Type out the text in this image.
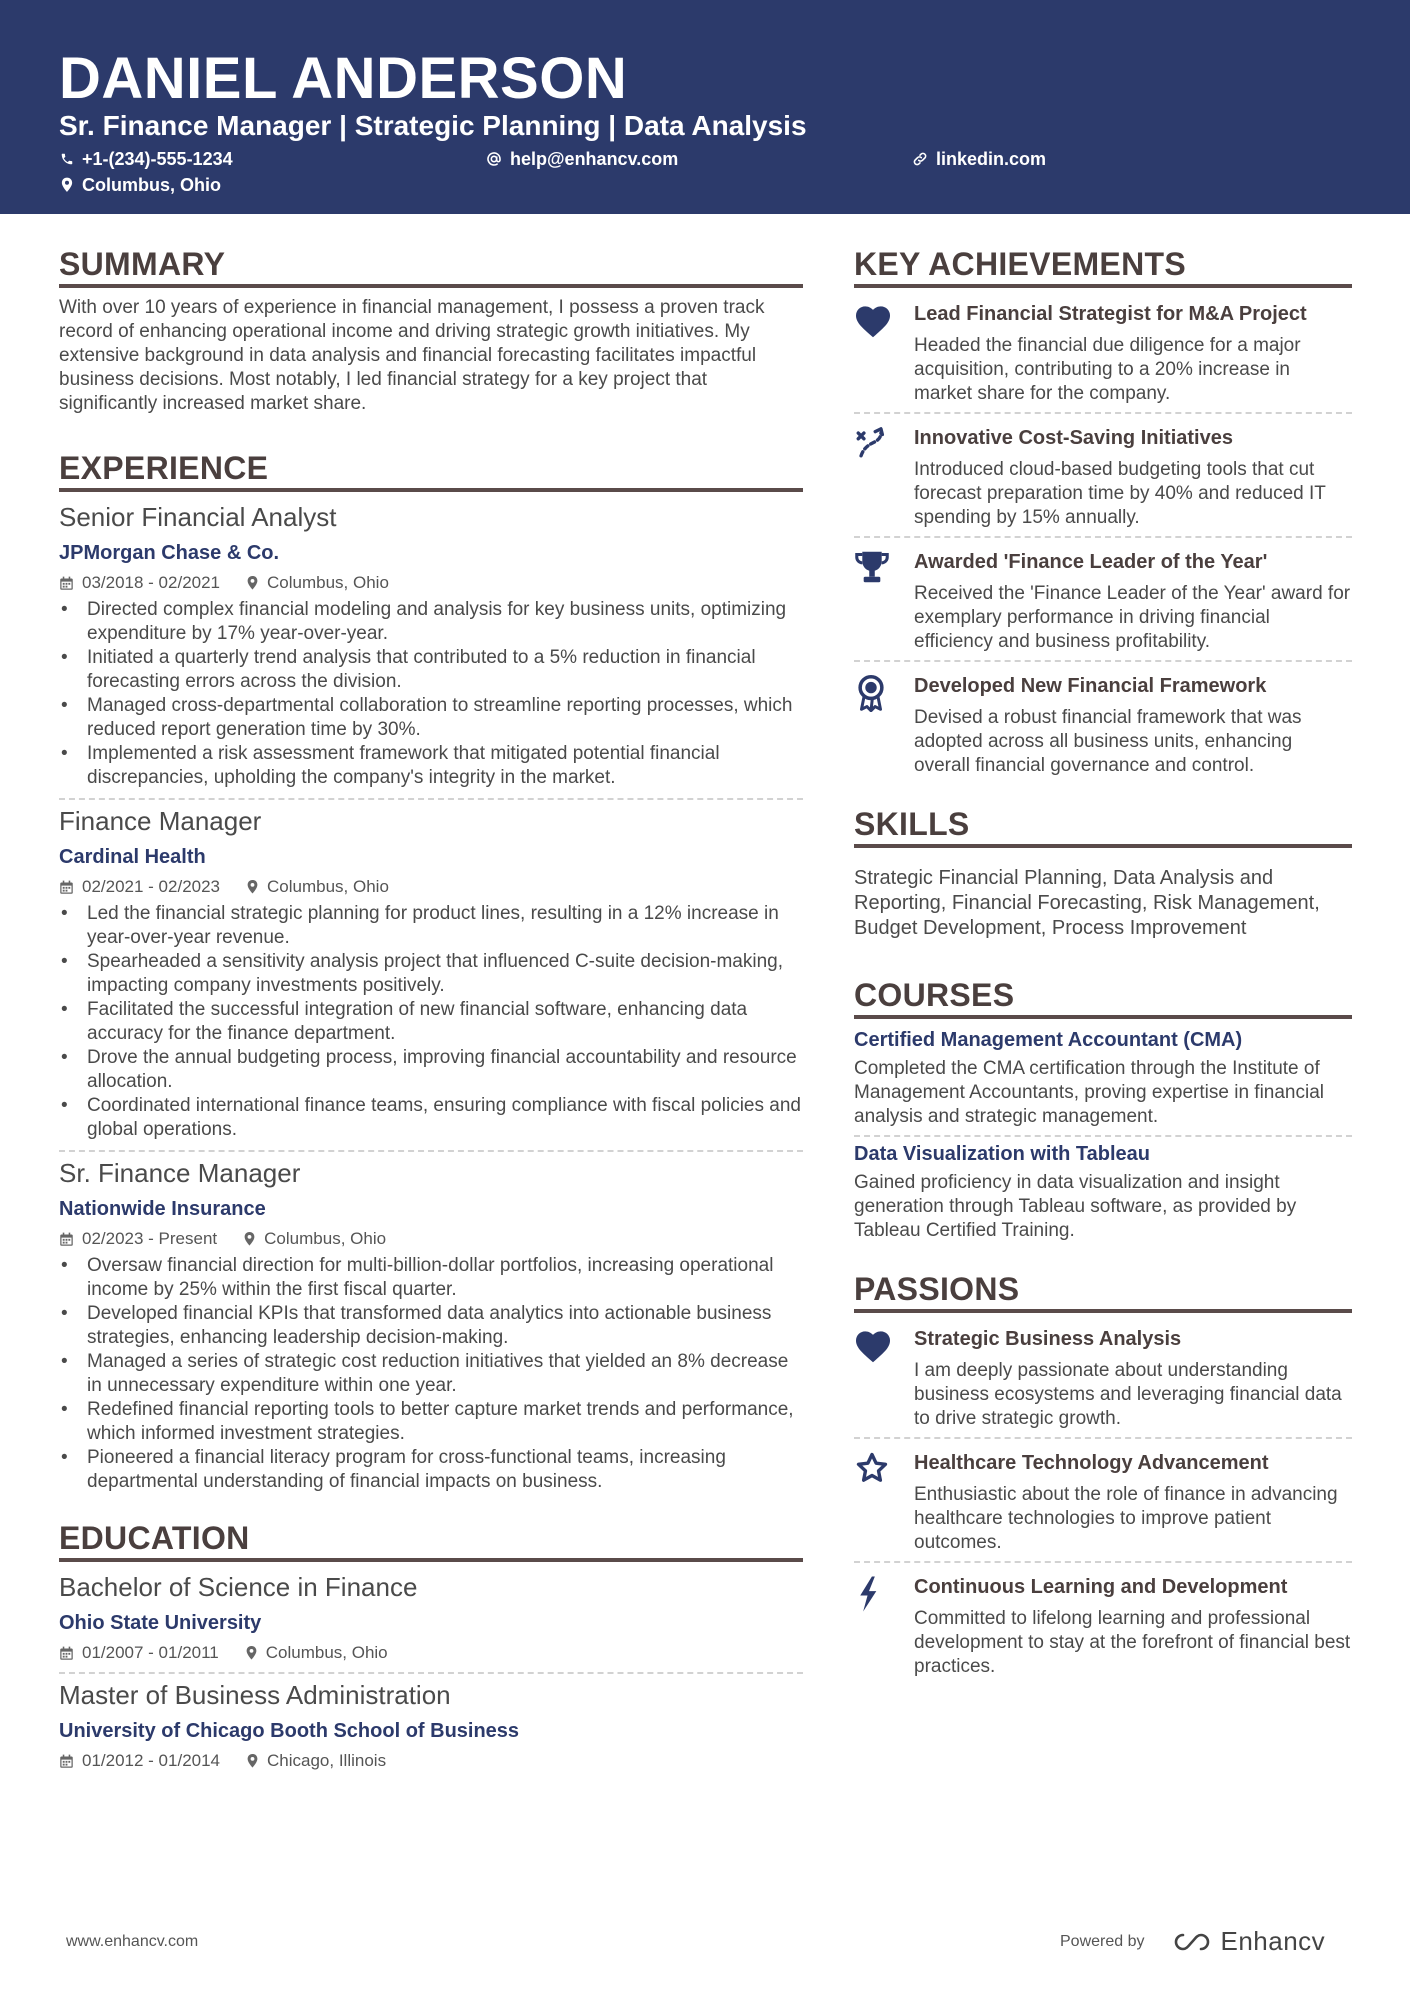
DANIEL ANDERSON
Sr. Finance Manager | Strategic Planning | Data Analysis
+1-(234)-555-1234	help@enhancv.com	linkedin.com
Columbus, Ohio
SUMMARY
With over 10 years of experience in financial management, I possess a proven track record of enhancing operational income and driving strategic growth initiatives. My extensive background in data analysis and financial forecasting facilitates impactful business decisions. Most notably, I led financial strategy for a key project that significantly increased market share.
EXPERIENCE
Senior Financial Analyst
JPMorgan Chase & Co.
03/2018 - 02/2021	Columbus, Ohio
• Directed complex financial modeling and analysis for key business units, optimizing expenditure by 17% year-over-year.
• Initiated a quarterly trend analysis that contributed to a 5% reduction in financial forecasting errors across the division.
• Managed cross-departmental collaboration to streamline reporting processes, which reduced report generation time by 30%.
• Implemented a risk assessment framework that mitigated potential financial discrepancies, upholding the company's integrity in the market.
Finance Manager
Cardinal Health
02/2021 - 02/2023	Columbus, Ohio
• Led the financial strategic planning for product lines, resulting in a 12% increase in year-over-year revenue.
• Spearheaded a sensitivity analysis project that influenced C-suite decision-making, impacting company investments positively.
• Facilitated the successful integration of new financial software, enhancing data accuracy for the finance department.
• Drove the annual budgeting process, improving financial accountability and resource allocation.
• Coordinated international finance teams, ensuring compliance with fiscal policies and global operations.
Sr. Finance Manager
Nationwide Insurance
02/2023 - Present	Columbus, Ohio
• Oversaw financial direction for multi-billion-dollar portfolios, increasing operational income by 25% within the first fiscal quarter.
• Developed financial KPIs that transformed data analytics into actionable business strategies, enhancing leadership decision-making.
• Managed a series of strategic cost reduction initiatives that yielded an 8% decrease in unnecessary expenditure within one year.
• Redefined financial reporting tools to better capture market trends and performance, which informed investment strategies.
• Pioneered a financial literacy program for cross-functional teams, increasing departmental understanding of financial impacts on business.
EDUCATION
Bachelor of Science in Finance
Ohio State University
01/2007 - 01/2011	Columbus, Ohio
Master of Business Administration
University of Chicago Booth School of Business
01/2012 - 01/2014	Chicago, Illinois
KEY ACHIEVEMENTS
Lead Financial Strategist for M&A Project
Headed the financial due diligence for a major acquisition, contributing to a 20% increase in market share for the company.
Innovative Cost-Saving Initiatives
Introduced cloud-based budgeting tools that cut forecast preparation time by 40% and reduced IT spending by 15% annually.
Awarded 'Finance Leader of the Year'
Received the 'Finance Leader of the Year' award for exemplary performance in driving financial efficiency and business profitability.
Developed New Financial Framework
Devised a robust financial framework that was adopted across all business units, enhancing overall financial governance and control.
SKILLS
Strategic Financial Planning, Data Analysis and Reporting, Financial Forecasting, Risk Management, Budget Development, Process Improvement
COURSES
Certified Management Accountant (CMA)
Completed the CMA certification through the Institute of Management Accountants, proving expertise in financial analysis and strategic management.
Data Visualization with Tableau
Gained proficiency in data visualization and insight generation through Tableau software, as provided by Tableau Certified Training.
PASSIONS
Strategic Business Analysis
I am deeply passionate about understanding business ecosystems and leveraging financial data to drive strategic growth.
Healthcare Technology Advancement
Enthusiastic about the role of finance in advancing healthcare technologies to improve patient outcomes.
Continuous Learning and Development
Committed to lifelong learning and professional development to stay at the forefront of financial best practices.
www.enhancv.com	Powered by	Enhancv
